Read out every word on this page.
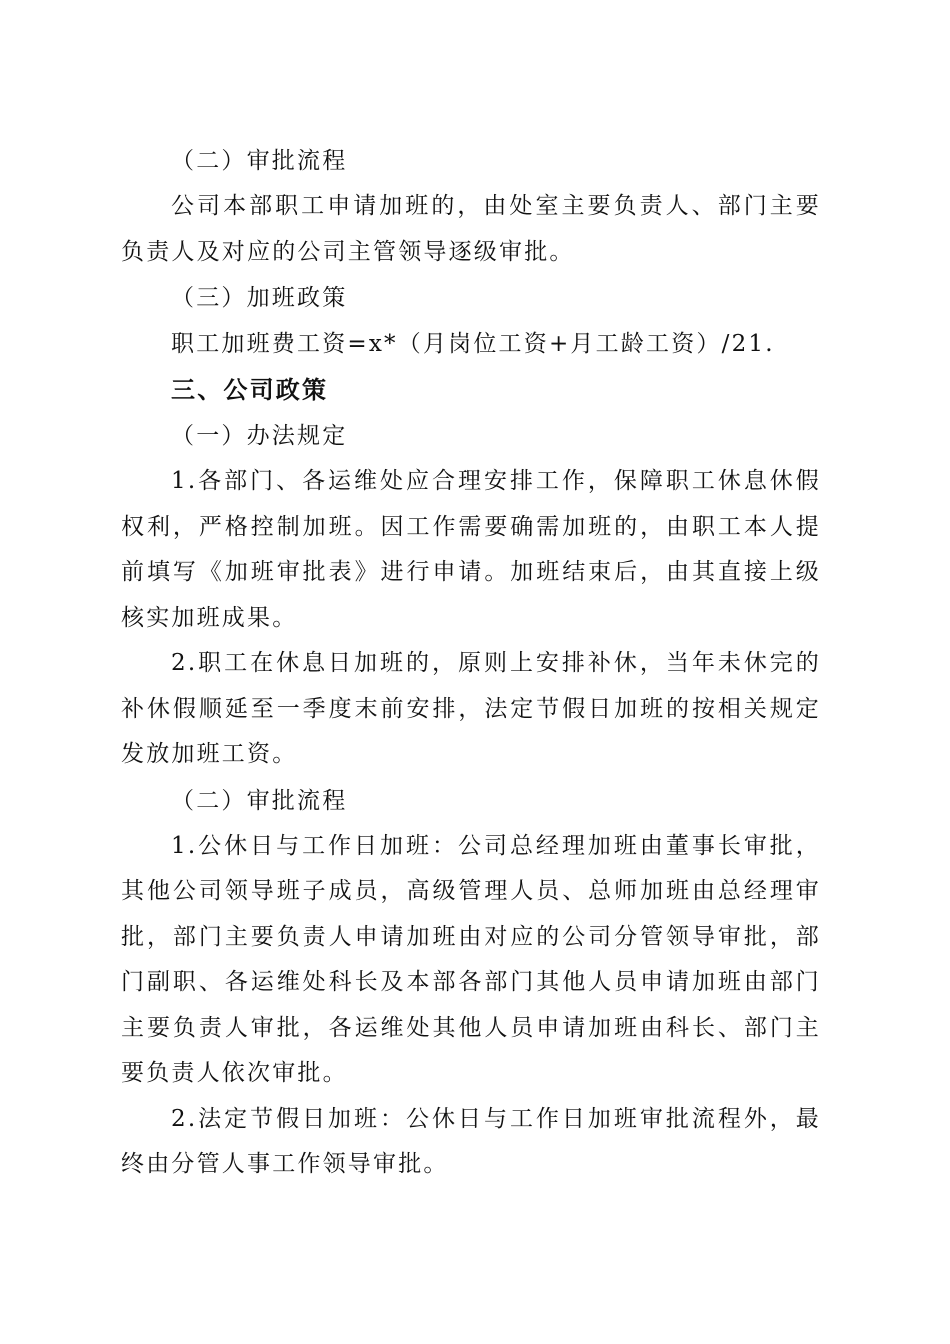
（二）审批流程

公司本部职工申请加班的，由处室主要负责人、部门主要负责人及对应的公司主管领导逐级审批。

（三）加班政策
职工加班费工资=x*（月岗位工资+月工龄工资）/21.
三、公司政策
（一）办法规定

1.各部门、各运维处应合理安排工作，保障职工休息休假权利，严格控制加班。因工作需要确需加班的，由职工本人提前填写《加班审批表》进行申请。加班结束后，由其直接上级核实加班成果。

2.职工在休息日加班的，原则上安排补休，当年未休完的补休假顺延至一季度末前安排，法定节假日加班的按相关规定发放加班工资。

（二）审批流程

1.公休日与工作日加班：公司总经理加班由董事长审批，其他公司领导班子成员，高级管理人员、总师加班由总经理审批，部门主要负责人申请加班由对应的公司分管领导审批，部门副职、各运维处科长及本部各部门其他人员申请加班由部门主要负责人审批，各运维处其他人员申请加班由科长、部门主要负责人依次审批。

2.法定节假日加班：公休日与工作日加班审批流程外，最终由分管人事工作领导审批。
